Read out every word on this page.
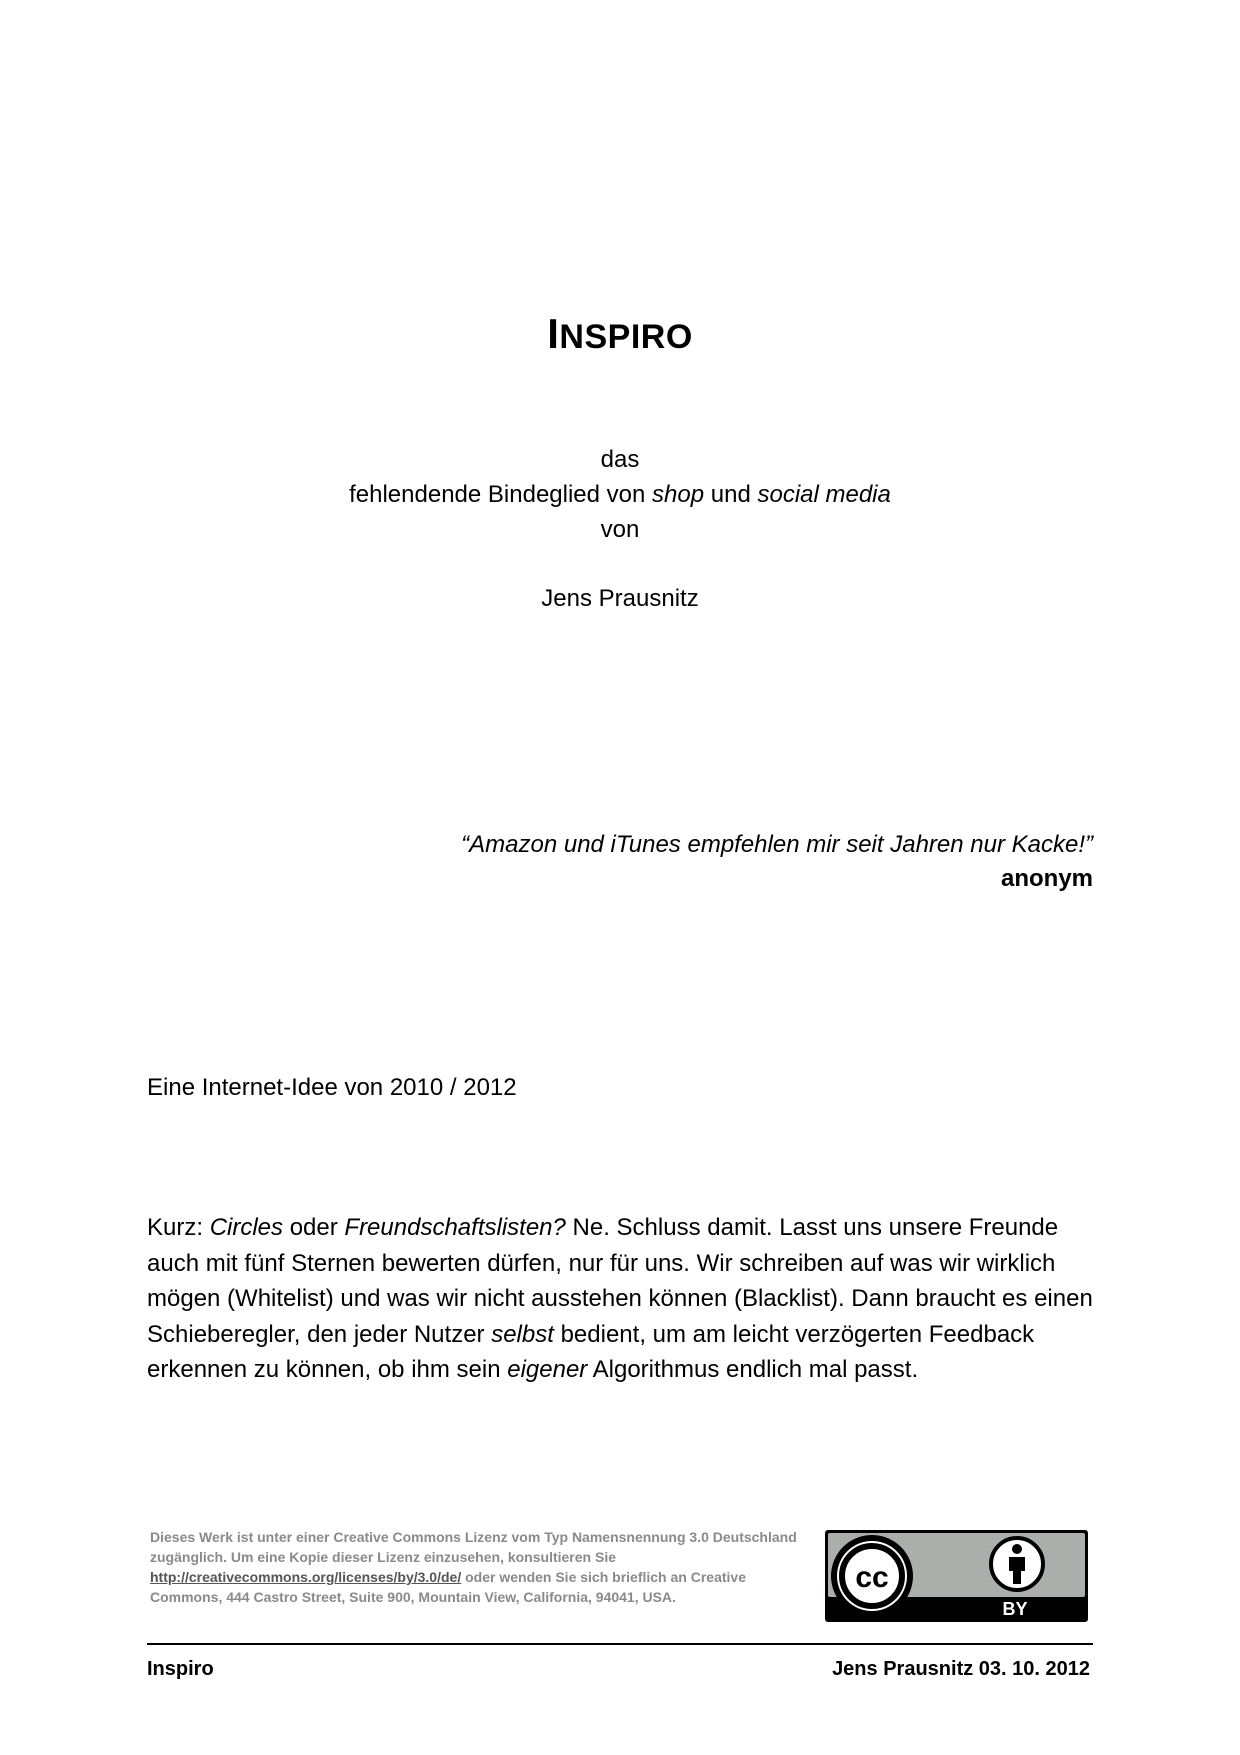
INSPIRO
das
fehlendende Bindeglied von shop und social media
von
Jens Prausnitz
“Amazon und iTunes empfehlen mir seit Jahren nur Kacke!”
anonym
Eine Internet-Idee von 2010 / 2012
Kurz: Circles oder Freundschaftslisten? Ne. Schluss damit. Lasst uns unsere Freunde auch mit fünf Sternen bewerten dürfen, nur für uns. Wir schreiben auf was wir wirklich mögen (Whitelist) und was wir nicht ausstehen können (Blacklist). Dann braucht es einen Schieberegler, den jeder Nutzer selbst bedient, um am leicht verzögerten Feedback erkennen zu können, ob ihm sein eigener Algorithmus endlich mal passt.
Dieses Werk ist unter einer Creative Commons Lizenz vom Typ Namensnennung 3.0 Deutschland zugänglich. Um eine Kopie dieser Lizenz einzusehen, konsultieren Sie http://creativecommons.org/licenses/by/3.0/de/ oder wenden Sie sich brieflich an Creative Commons, 444 Castro Street, Suite 900, Mountain View, California, 94041, USA.
cc
BY
Inspiro	Jens Prausnitz 03. 10. 2012
